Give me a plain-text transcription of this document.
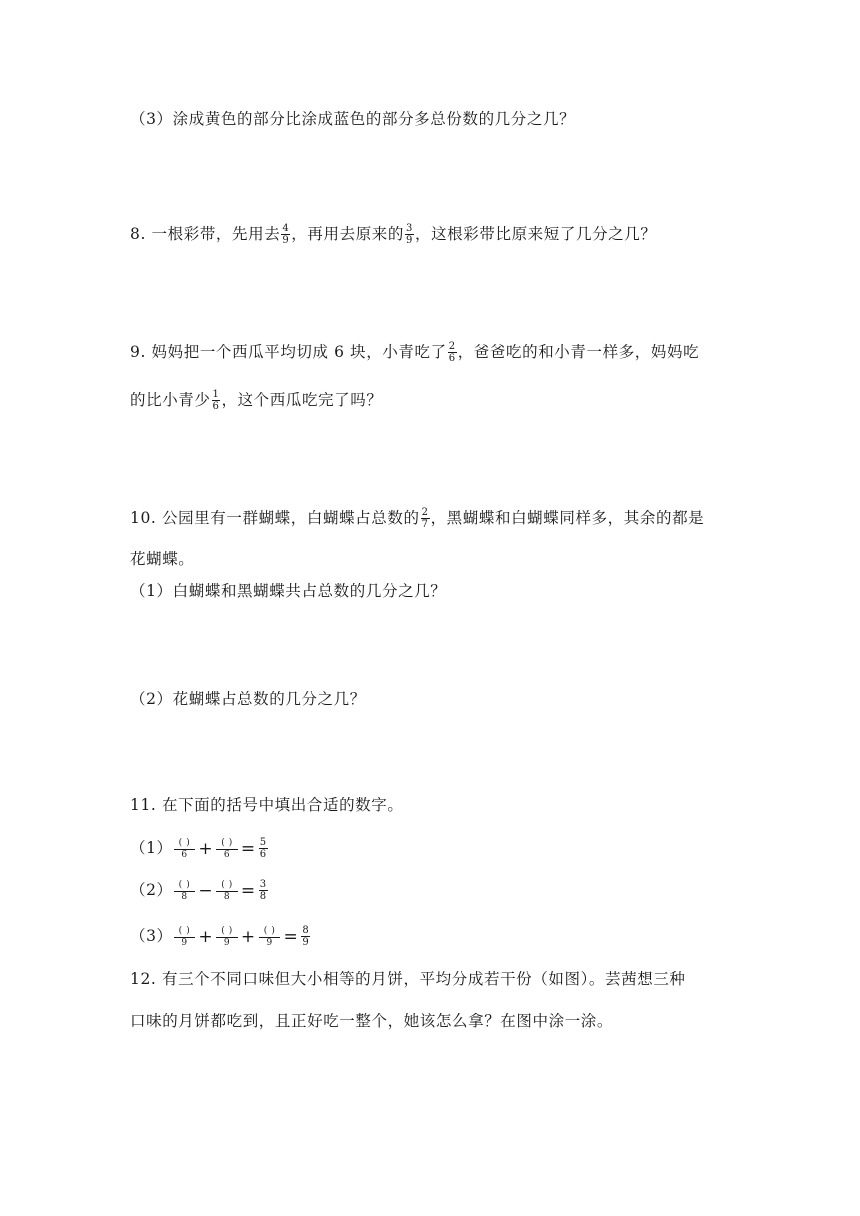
（3）涂成黄色的部分比涂成蓝色的部分多总份数的几分之几？
8. 一根彩带，先用去 $\frac{4}{9}$ ，再用去原来的 $\frac{3}{9}$ ，这根彩带比原来短了几分之几？
9. 妈妈把一个西瓜平均切成 6 块，小青吃了 $\frac{2}{6}$ ，爸爸吃的和小青一样多，妈妈吃
的比小青少 $\frac{1}{6}$ ，这个西瓜吃完了吗？
10. 公园里有一群蝴蝶，白蝴蝶占总数的 $\frac{2}{7}$ ，黑蝴蝶和白蝴蝶同样多，其余的都是
花蝴蝶。
（1）白蝴蝶和黑蝴蝶共占总数的几分之几？
（2）花蝴蝶占总数的几分之几？
11. 在下面的括号中填出合适的数字。
$(1) \frac{( )}{6} + \frac{( )}{6} = \frac{5}{6}$
$(2) \frac{( )}{8} - \frac{( )}{8} = \frac{3}{8}$
$(3) \frac{( )}{9} + \frac{( )}{9} + \frac{( )}{9} = \frac{8}{9}$
12. 有三个不同口味但大小相等的月饼，平均分成若干份（如图）。芸茜想三种
口味的月饼都吃到，且正好吃一整个，她该怎么拿？在图中涂一涂。
